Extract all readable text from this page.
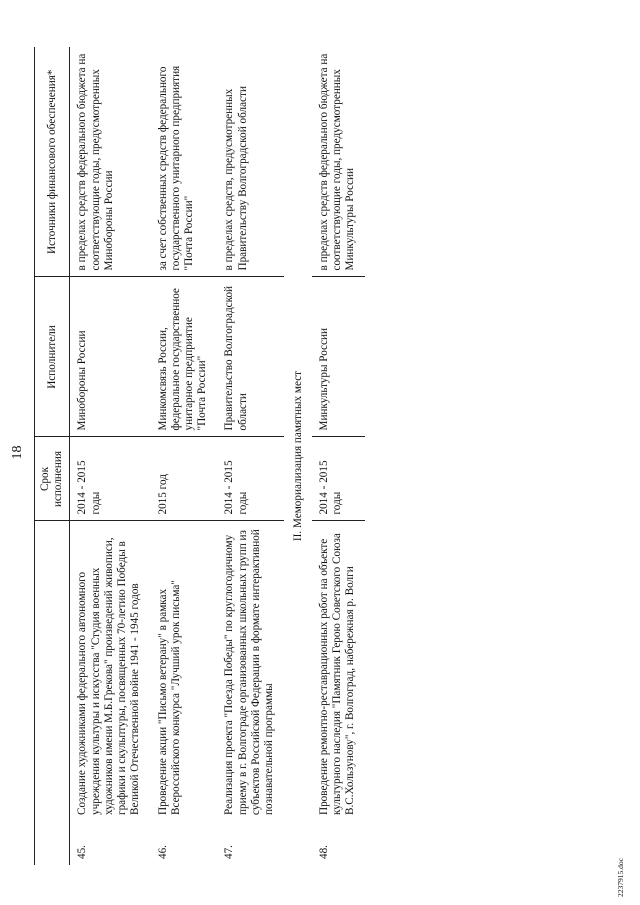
18
		Срок исполнения	Исполнители	Источники финансового обеспечения*
45.	Создание художниками федерального автономного учреждения культуры и искусства "Студия военных художников имени М.Б.Грекова" произведений живописи, графики и скульптуры, посвященных 70-летию Победы в Великой Отечественной войне 1941 - 1945 годов	2014 - 2015 годы	Минобороны России	в пределах средств федерального бюджета на соответствующие годы, предусмотренных Минобороны России
46.	Проведение акции "Письмо ветерану" в рамках Всероссийского конкурса "Лучший урок письма"	2015 год	Минкомсвязь России, федеральное государственное унитарное предприятие "Почта России"	за счет собственных средств федерального государственного унитарного предприятия "Почта России"
47.	Реализация проекта "Поезда Победы" по круглогодичному приему в г. Волгограде организованных школьных групп из субъектов Российской Федерации в формате интерактивной познавательной программы	2014 - 2015 годы	Правительство Волгоградской области	в пределах средств, предусмотренных Правительству Волгоградской области
II. Мемориализация памятных мест				
48.	Проведение ремонтно-реставрационных работ на объекте культурного наследия "Памятник Герою Советского Союза В.С.Хользунову", г. Волгоград, набережная р. Волги	2014 - 2015 годы	Минкультуры России	в пределах средств федерального бюджета на соответствующие годы, предусмотренных Минкультуры России
2237915.doc
